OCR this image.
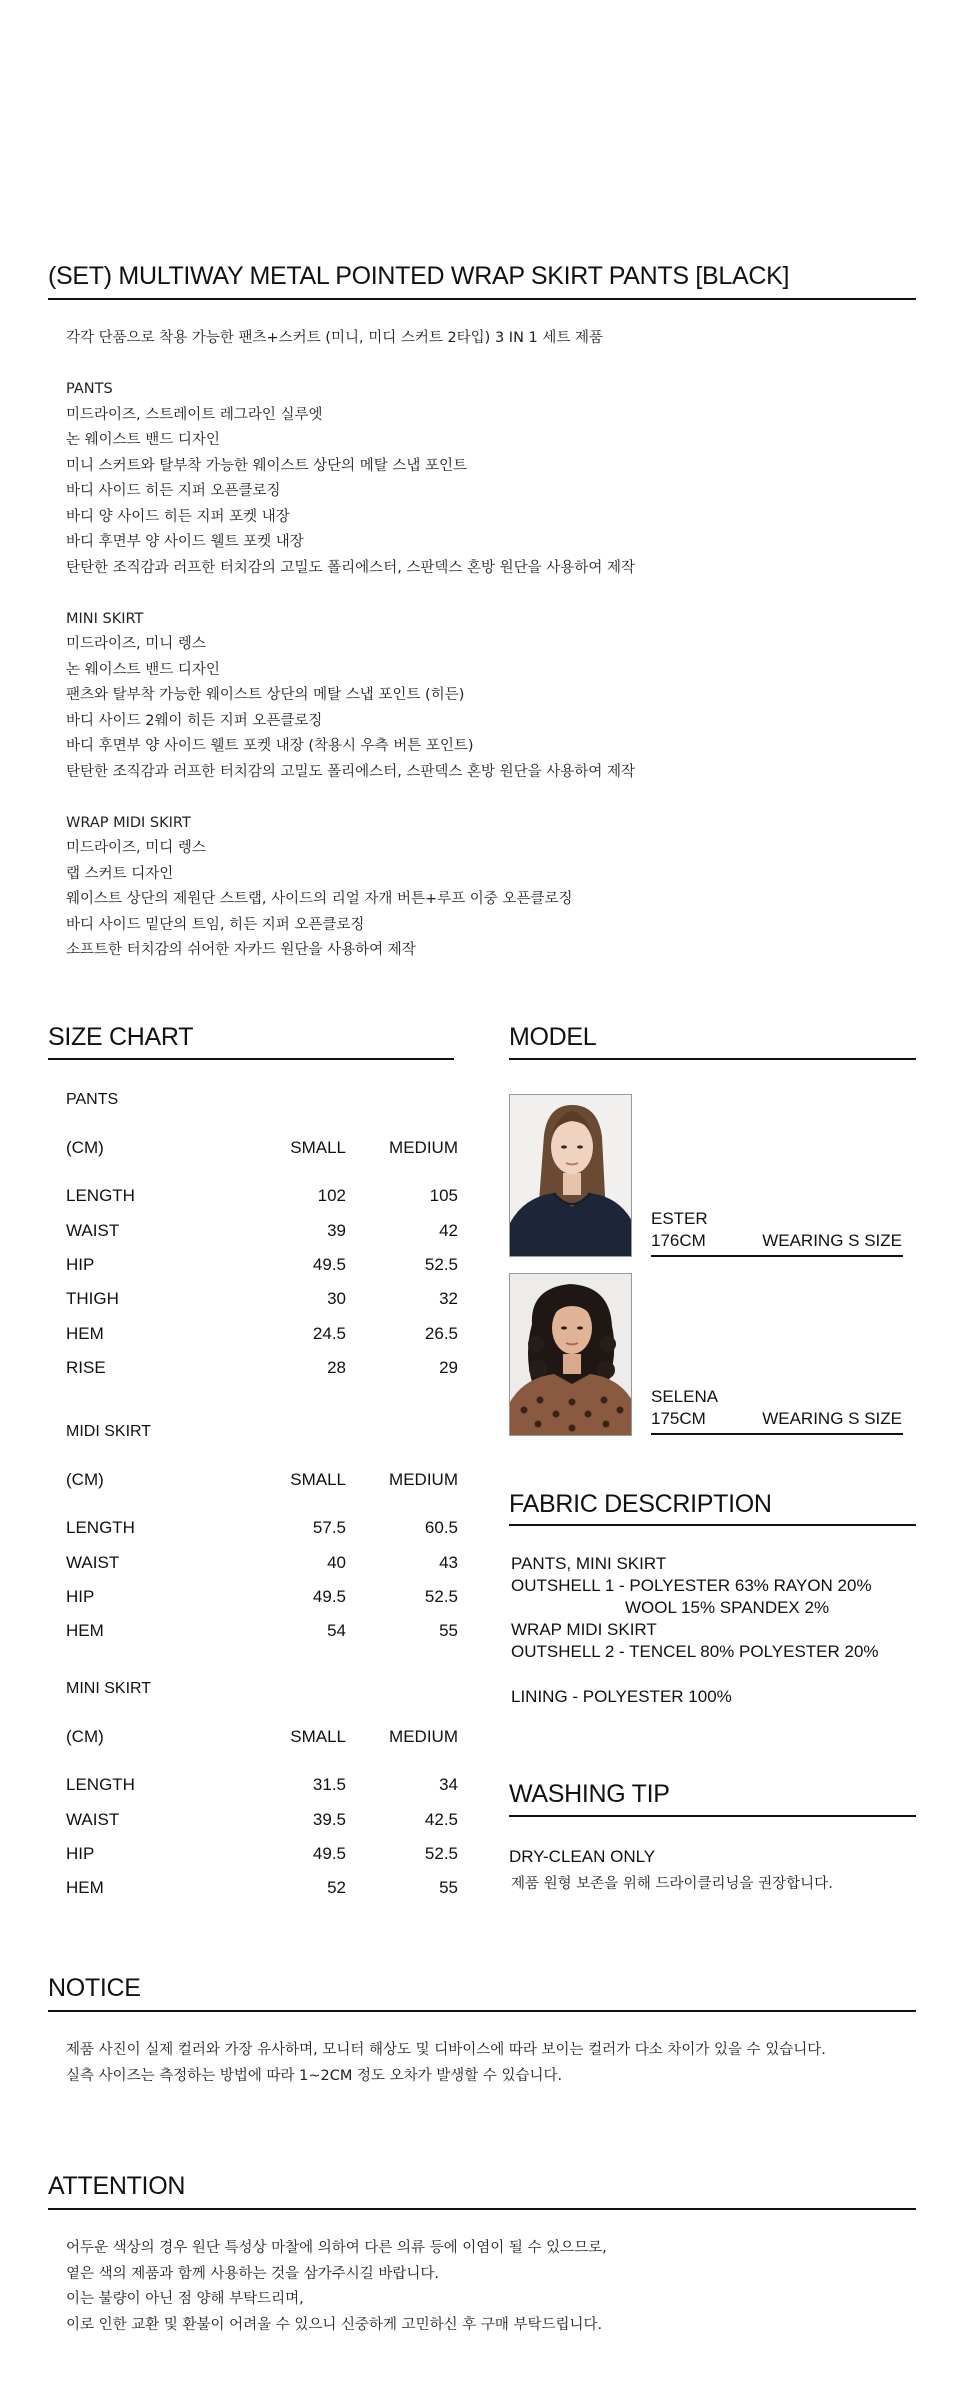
(SET) MULTIWAY METAL POINTED WRAP SKIRT PANTS [BLACK]
각각 단품으로 착용 가능한 팬츠+스커트 (미니, 미디 스커트 2타입) 3 IN 1 세트 제품
PANTS
미드라이즈, 스트레이트 레그라인 실루엣
논 웨이스트 밴드 디자인
미니 스커트와 탈부착 가능한 웨이스트 상단의 메탈 스냅 포인트
바디 사이드 히든 지퍼 오픈클로징
바디 양 사이드 히든 지퍼 포켓 내장
바디 후면부 양 사이드 웰트 포켓 내장
탄탄한 조직감과 러프한 터치감의 고밀도 폴리에스터, 스판덱스 혼방 원단을 사용하여 제작
MINI SKIRT
미드라이즈, 미니 렝스
논 웨이스트 밴드 디자인
팬츠와 탈부착 가능한 웨이스트 상단의 메탈 스냅 포인트 (히든)
바디 사이드 2웨이 히든 지퍼 오픈클로징
바디 후면부 양 사이드 웰트 포켓 내장 (착용시 우측 버튼 포인트)
탄탄한 조직감과 러프한 터치감의 고밀도 폴리에스터, 스판덱스 혼방 원단을 사용하여 제작
WRAP MIDI SKIRT
미드라이즈, 미디 렝스
랩 스커트 디자인
웨이스트 상단의 제원단 스트랩, 사이드의 리얼 자개 버튼+루프 이중 오픈클로징
바디 사이드 밑단의 트임, 히든 지퍼 오픈클로징
소프트한 터치감의 쉬어한 자카드 원단을 사용하여 제작
SIZE CHART
PANTS
(CM)	SMALL	MEDIUM
LENGTH	102	105
WAIST	39	42
HIP	49.5	52.5
THIGH	30	32
HEM	24.5	26.5
RISE	28	29
MIDI SKIRT
(CM)	SMALL	MEDIUM
LENGTH	57.5	60.5
WAIST	40	43
HIP	49.5	52.5
HEM	54	55
MINI SKIRT
(CM)	SMALL	MEDIUM
LENGTH	31.5	34
WAIST	39.5	42.5
HIP	49.5	52.5
HEM	52	55
MODEL
ESTER
176CM	WEARING S SIZE
SELENA
175CM	WEARING S SIZE
FABRIC DESCRIPTION
PANTS, MINI SKIRT
OUTSHELL 1 - POLYESTER 63% RAYON 20%
WOOL 15% SPANDEX 2%
WRAP MIDI SKIRT
OUTSHELL 2 - TENCEL 80% POLYESTER 20%
LINING - POLYESTER 100%
WASHING TIP
DRY-CLEAN ONLY
제품 원형 보존을 위해 드라이클리닝을 권장합니다.
NOTICE
제품 사진이 실제 컬러와 가장 유사하며, 모니터 해상도 및 디바이스에 따라 보이는 컬러가 다소 차이가 있을 수 있습니다.
실측 사이즈는 측정하는 방법에 따라 1~2CM 정도 오차가 발생할 수 있습니다.
ATTENTION
어두운 색상의 경우 원단 특성상 마찰에 의하여 다른 의류 등에 이염이 될 수 있으므로,
옅은 색의 제품과 함께 사용하는 것을 삼가주시길 바랍니다.
이는 불량이 아닌 점 양해 부탁드리며,
이로 인한 교환 및 환불이 어려울 수 있으니 신중하게 고민하신 후 구매 부탁드립니다.
